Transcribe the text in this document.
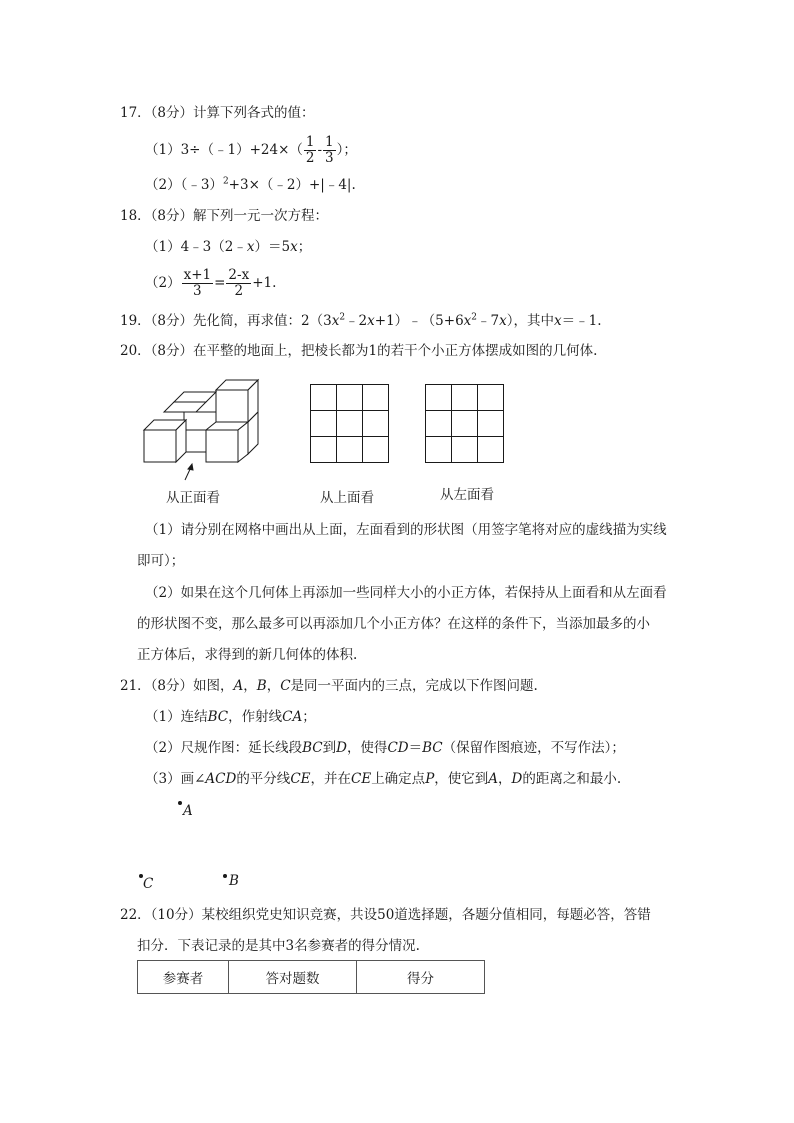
17．（8分）计算下列各式的值：
（1）3÷（﹣1）+24×（ $\frac{1}{2} - \frac{1}{3}$ ）；
（2）（﹣3）$^2$+3×（﹣2）+|﹣4|.
18．（8分）解下列一元一次方程：
（1）4﹣3（2﹣x）＝5x；
$(2) \frac{x+1}{3} = \frac{2-x}{2} +1$.
19．（8分）先化简，再求值：$2(3x^2﹣2x+1)﹣(5+6x^2﹣7x)$，其中x＝﹣1.
20．（8分）在平整的地面上，把棱长都为1的若干个小正方体摆成如图的几何体.
从正面看	从上面看	从左面看
（1）请分别在网格中画出从上面，左面看到的形状图（用签字笔将对应的虚线描为实线
即可）；
（2）如果在这个几何体上再添加一些同样大小的小正方体，若保持从上面看和从左面看
的形状图不变，那么最多可以再添加几个小正方体？在这样的条件下，当添加最多的小
正方体后，求得到的新几何体的体积.
21．（8分）如图，A，B，C是同一平面内的三点，完成以下作图问题.
（1）连结BC，作射线CA；
（2）尺规作图：延长线段BC到D，使得CD＝BC（保留作图痕迹，不写作法）；
（3）画∠ACD的平分线CE，并在CE上确定点P，使它到A，D的距离之和最小.
A
C	B
22．（10分）某校组织党史知识竞赛，共设50道选择题，各题分值相同，每题必答，答错
扣分．下表记录的是其中3名参赛者的得分情况.
参赛者	答对题数	得分
